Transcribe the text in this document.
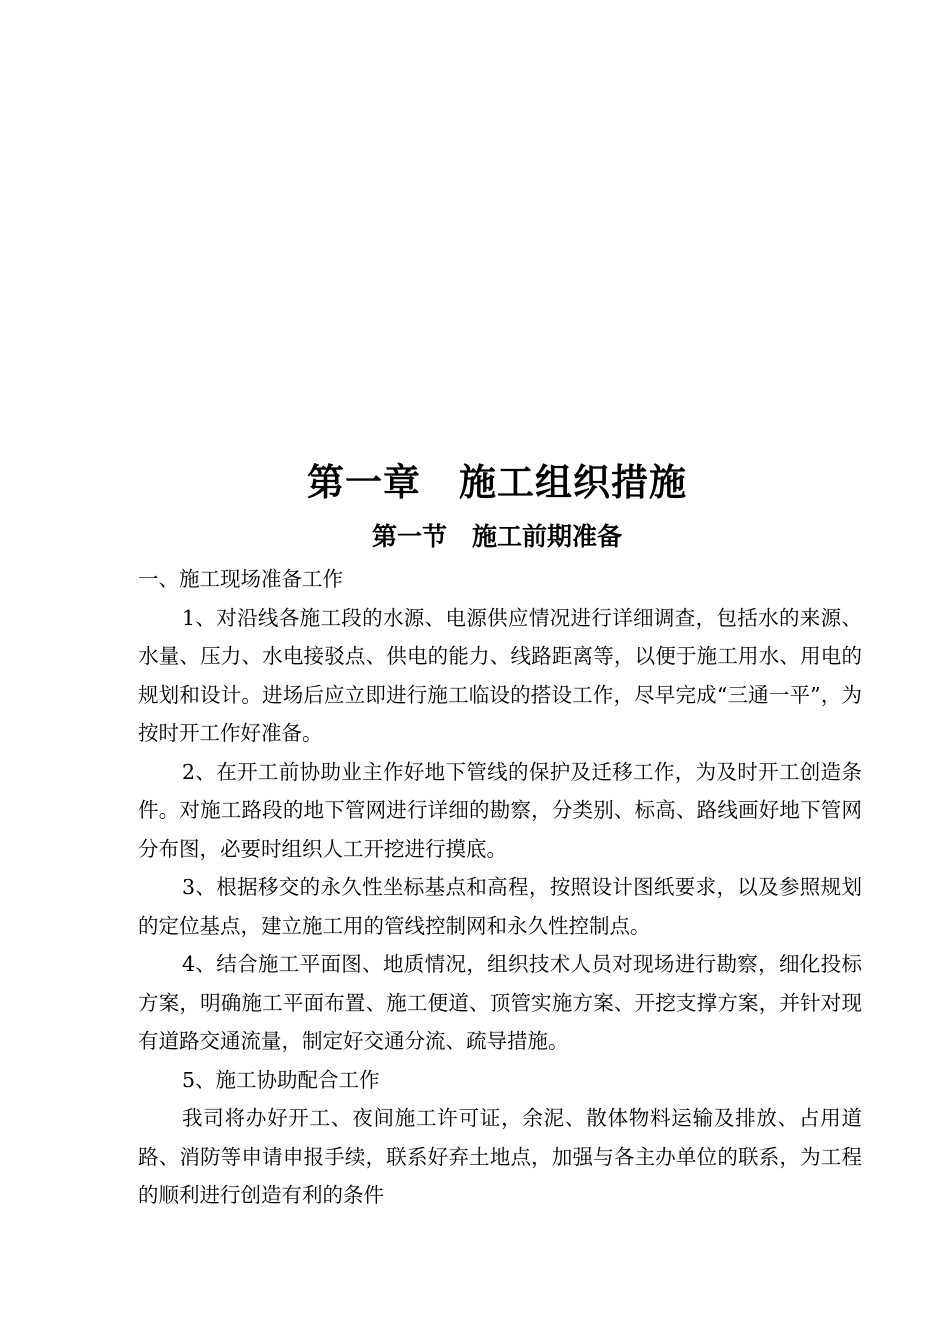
第一章　施工组织措施
第一节　施工前期准备

一、施工现场准备工作

1、对沿线各施工段的水源、电源供应情况进行详细调查，包括水的来源、水量、压力、水电接驳点、供电的能力、线路距离等，以便于施工用水、用电的规划和设计。进场后应立即进行施工临设的搭设工作，尽早完成“三通一平”，为按时开工作好准备。

2、在开工前协助业主作好地下管线的保护及迁移工作，为及时开工创造条件。对施工路段的地下管网进行详细的勘察，分类别、标高、路线画好地下管网分布图，必要时组织人工开挖进行摸底。

3、根据移交的永久性坐标基点和高程，按照设计图纸要求，以及参照规划的定位基点，建立施工用的管线控制网和永久性控制点。

4、结合施工平面图、地质情况，组织技术人员对现场进行勘察，细化投标方案，明确施工平面布置、施工便道、顶管实施方案、开挖支撑方案，并针对现有道路交通流量，制定好交通分流、疏导措施。

5、施工协助配合工作

我司将办好开工、夜间施工许可证，余泥、散体物料运输及排放、占用道路、消防等申请申报手续，联系好弃土地点，加强与各主办单位的联系，为工程的顺利进行创造有利的条件
